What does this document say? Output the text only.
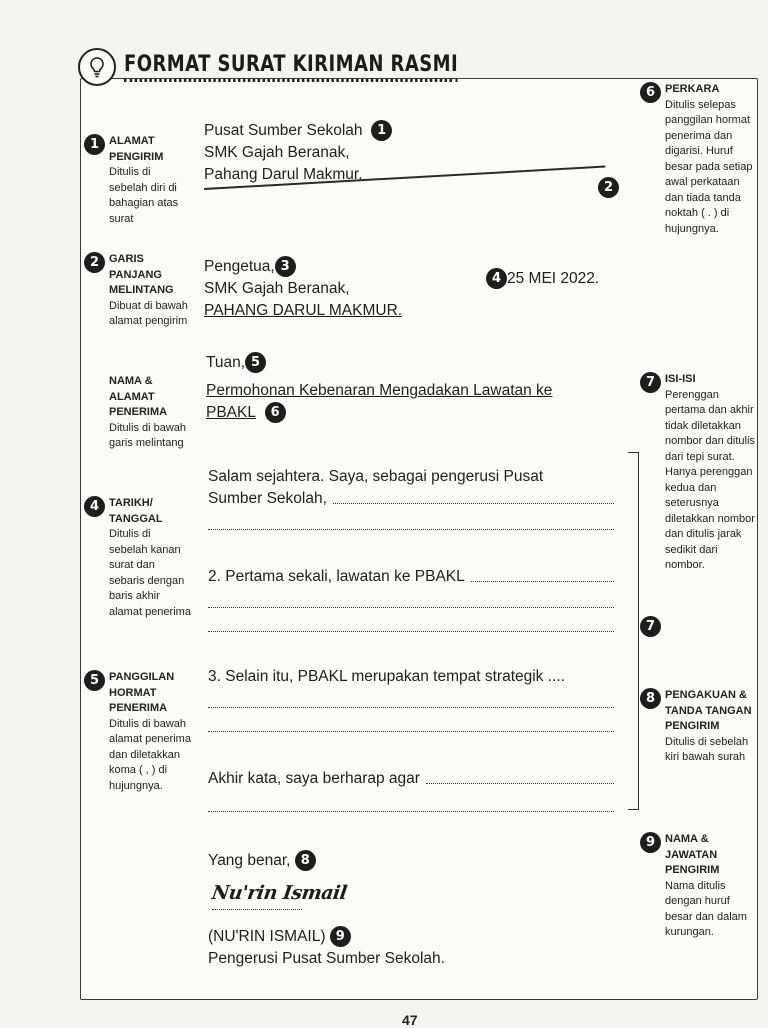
FORMAT SURAT KIRIMAN RASMI
1 ALAMAT PENGIRIM
Ditulis di sebelah diri di bahagian atas surat
2 GARIS PANJANG MELINTANG
Dibuat di bawah alamat pengirim
NAMA & ALAMAT PENERIMA
Ditulis di bawah garis melintang
4 TARIKH/ TANGGAL
Ditulis di sebelah kanan surat dan sebaris dengan baris akhir alamat penerima
5 PANGGILAN HORMAT PENERIMA
Ditulis di bawah alamat penerima dan diletakkan koma ( , ) di hujungnya.
6 PERKARA
Ditulis selepas panggilan hormat penerima dan digarisi. Huruf besar pada setiap awal perkataan dan tiada tanda noktah ( . ) di hujungnya.
7 ISI-ISI
Perenggan pertama dan akhir tidak diletakkan nombor dan ditulis dari tepi surat. Hanya perenggan kedua dan seterusnya diletakkan nombor dan ditulis jarak sedikit dari nombor.
8 PENGAKUAN & TANDA TANGAN PENGIRIM
Ditulis di sebelah kiri bawah surah
9 NAMA & JAWATAN PENGIRIM
Nama ditulis dengan huruf besar dan dalam kurungan.
Pusat Sumber Sekolah 1
SMK Gajah Beranak,
Pahang Darul Makmur.
2
Pengetua, 3
SMK Gajah Beranak,
PAHANG DARUL MAKMUR.
4 25 MEI 2022.
Tuan, 5
Permohonan Kebenaran Mengadakan Lawatan ke
PBAKL 6
7
Salam sejahtera. Saya, sebagai pengerusi Pusat
Sumber Sekolah,
2. Pertama sekali, lawatan ke PBAKL
3. Selain itu, PBAKL merupakan tempat strategik ....
Akhir kata, saya berharap agar
Yang benar, 8
Nu'rin Ismail
(NU'RIN ISMAIL) 9
Pengerusi Pusat Sumber Sekolah.
47
